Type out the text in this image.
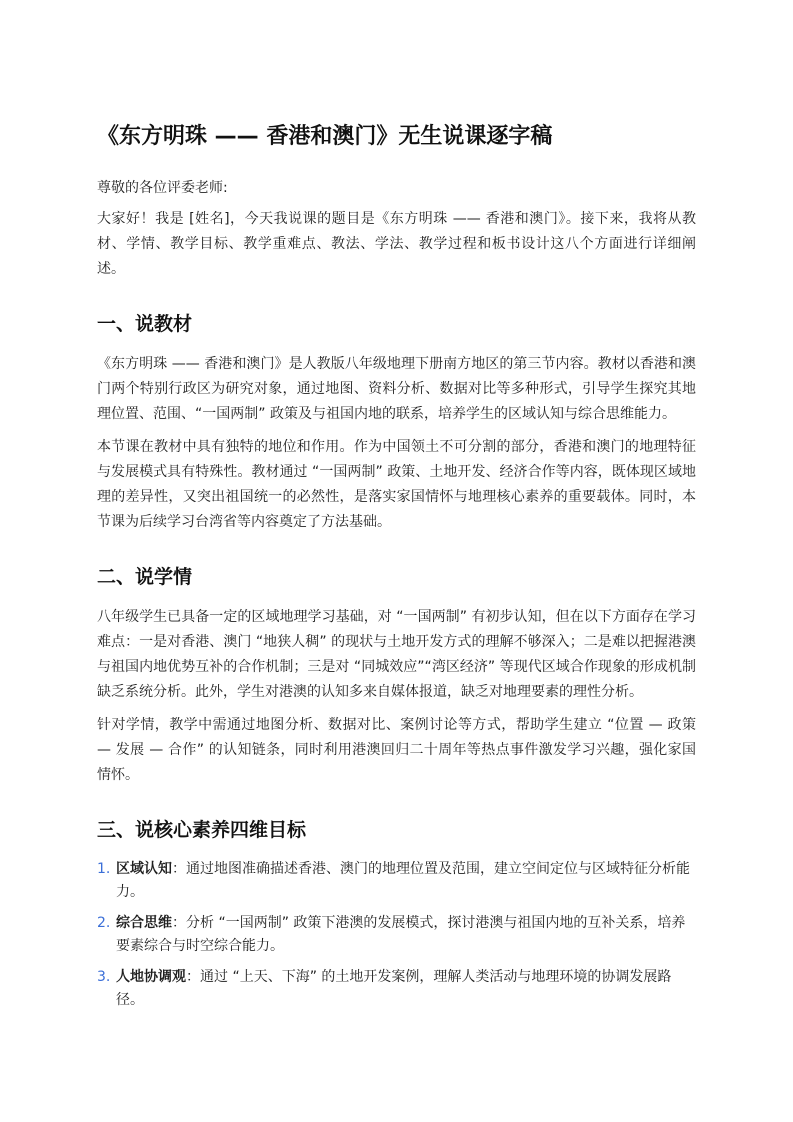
《东方明珠 —— 香港和澳门》无生说课逐字稿

尊敬的各位评委老师:

大家好！我是 [姓名]，今天我说课的题目是《东方明珠 —— 香港和澳门》。接下来，我将从教材、学情、教学目标、教学重难点、教法、学法、教学过程和板书设计这八个方面进行详细阐述。

一、说教材

《东方明珠 —— 香港和澳门》是人教版八年级地理下册南方地区的第三节内容。教材以香港和澳门两个特别行政区为研究对象，通过地图、资料分析、数据对比等多种形式，引导学生探究其地理位置、范围、“一国两制” 政策及与祖国内地的联系，培养学生的区域认知与综合思维能力。

本节课在教材中具有独特的地位和作用。作为中国领土不可分割的部分，香港和澳门的地理特征与发展模式具有特殊性。教材通过 “一国两制” 政策、土地开发、经济合作等内容，既体现区域地理的差异性，又突出祖国统一的必然性，是落实家国情怀与地理核心素养的重要载体。同时，本节课为后续学习台湾省等内容奠定了方法基础。

二、说学情

八年级学生已具备一定的区域地理学习基础，对 “一国两制” 有初步认知，但在以下方面存在学习难点：一是对香港、澳门 “地狭人稠” 的现状与土地开发方式的理解不够深入；二是难以把握港澳与祖国内地优势互补的合作机制；三是对 “同城效应”“湾区经济” 等现代区域合作现象的形成机制缺乏系统分析。此外，学生对港澳的认知多来自媒体报道，缺乏对地理要素的理性分析。

针对学情，教学中需通过地图分析、数据对比、案例讨论等方式，帮助学生建立 “位置 — 政策 — 发展 — 合作” 的认知链条，同时利用港澳回归二十周年等热点事件激发学习兴趣，强化家国情怀。

三、说核心素养四维目标
1. 区域认知：通过地图准确描述香港、澳门的地理位置及范围，建立空间定位与区域特征分析能力。
2. 综合思维：分析 “一国两制” 政策下港澳的发展模式，探讨港澳与祖国内地的互补关系，培养要素综合与时空综合能力。
3. 人地协调观：通过 “上天、下海” 的土地开发案例，理解人类活动与地理环境的协调发展路径。
